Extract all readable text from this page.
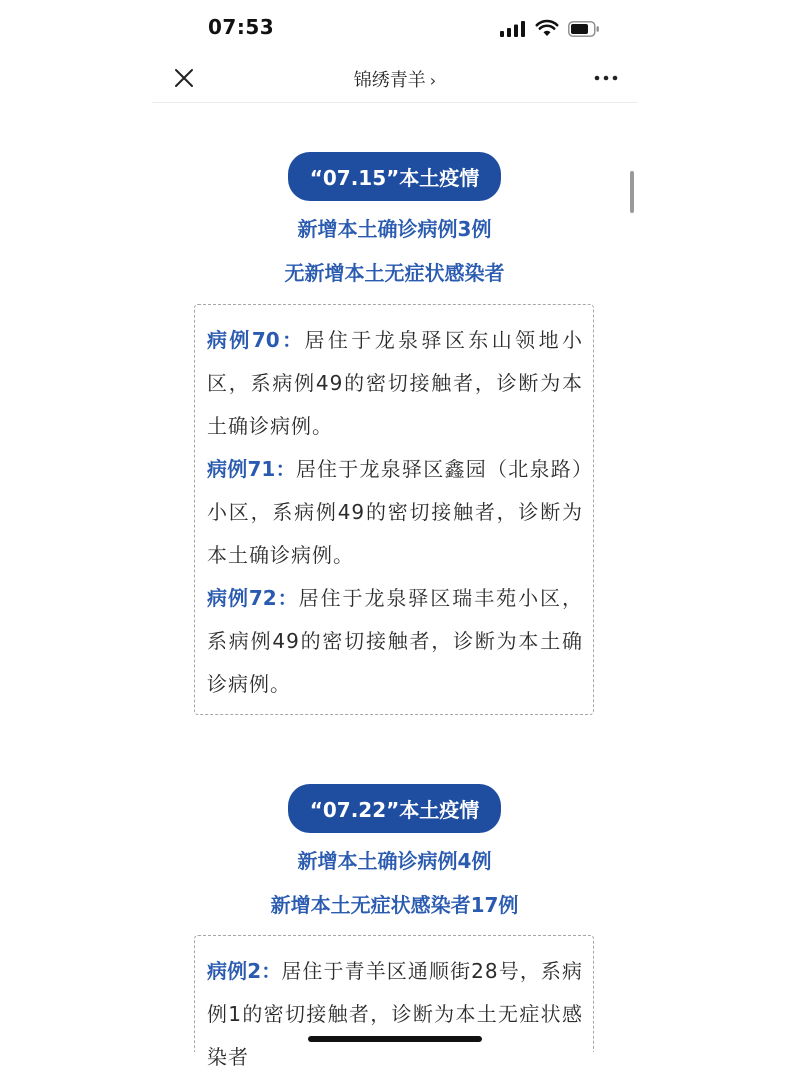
07:53
锦绣青羊 ›
“07.15”本土疫情
新增本土确诊病例3例
无新增本土无症状感染者
病例70：居住于龙泉驿区东山领地小区，系病例49的密切接触者，诊断为本土确诊病例。
病例71：居住于龙泉驿区鑫园（北泉路）小区，系病例49的密切接触者，诊断为本土确诊病例。
病例72：居住于龙泉驿区瑞丰苑小区，系病例49的密切接触者，诊断为本土确诊病例。
“07.22”本土疫情
新增本土确诊病例4例
新增本土无症状感染者17例
病例2：居住于青羊区通顺街28号，系病例1的密切接触者，诊断为本土无症状感染者
